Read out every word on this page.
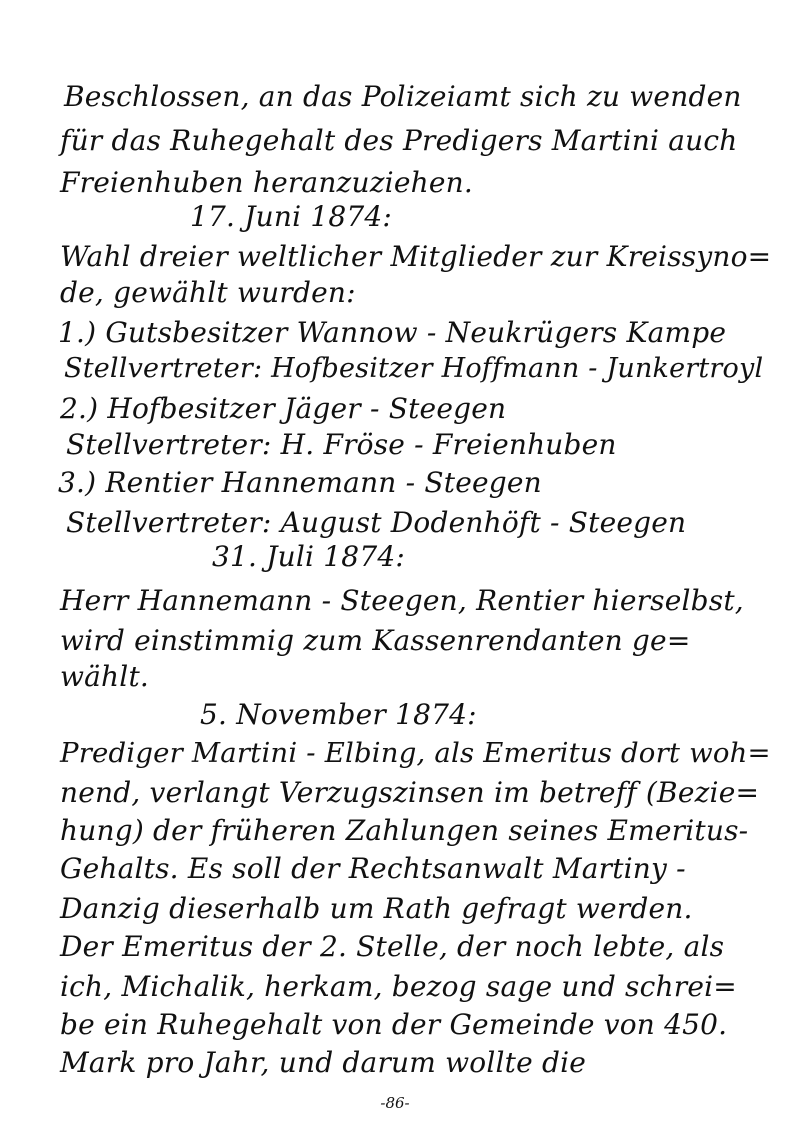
Beschlossen, an das Polizeiamt sich zu wenden
für das Ruhegehalt des Predigers Martini auch
Freienhuben heranzuziehen.
17. Juni 1874:
Wahl dreier weltlicher Mitglieder zur Kreissyno=
de, gewählt wurden:
1.) Gutsbesitzer Wannow - Neukrügers Kampe
Stellvertreter: Hofbesitzer Hoffmann - Junkertroyl
2.) Hofbesitzer Jäger - Steegen
Stellvertreter: H. Fröse - Freienhuben
3.) Rentier Hannemann - Steegen
Stellvertreter: August Dodenhöft - Steegen
31. Juli 1874:
Herr Hannemann - Steegen, Rentier hierselbst,
wird einstimmig zum Kassenrendanten ge=
wählt.
5. November 1874:
Prediger Martini - Elbing, als Emeritus dort woh=
nend, verlangt Verzugszinsen im betreff (Bezie=
hung) der früheren Zahlungen seines Emeritus-
Gehalts. Es soll der Rechtsanwalt Martiny -
Danzig dieserhalb um Rath gefragt werden.
Der Emeritus der 2. Stelle, der noch lebte, als
ich, Michalik, herkam, bezog sage und schrei=
be ein Ruhegehalt von der Gemeinde von 450.
Mark pro Jahr, und darum wollte die
-86-
